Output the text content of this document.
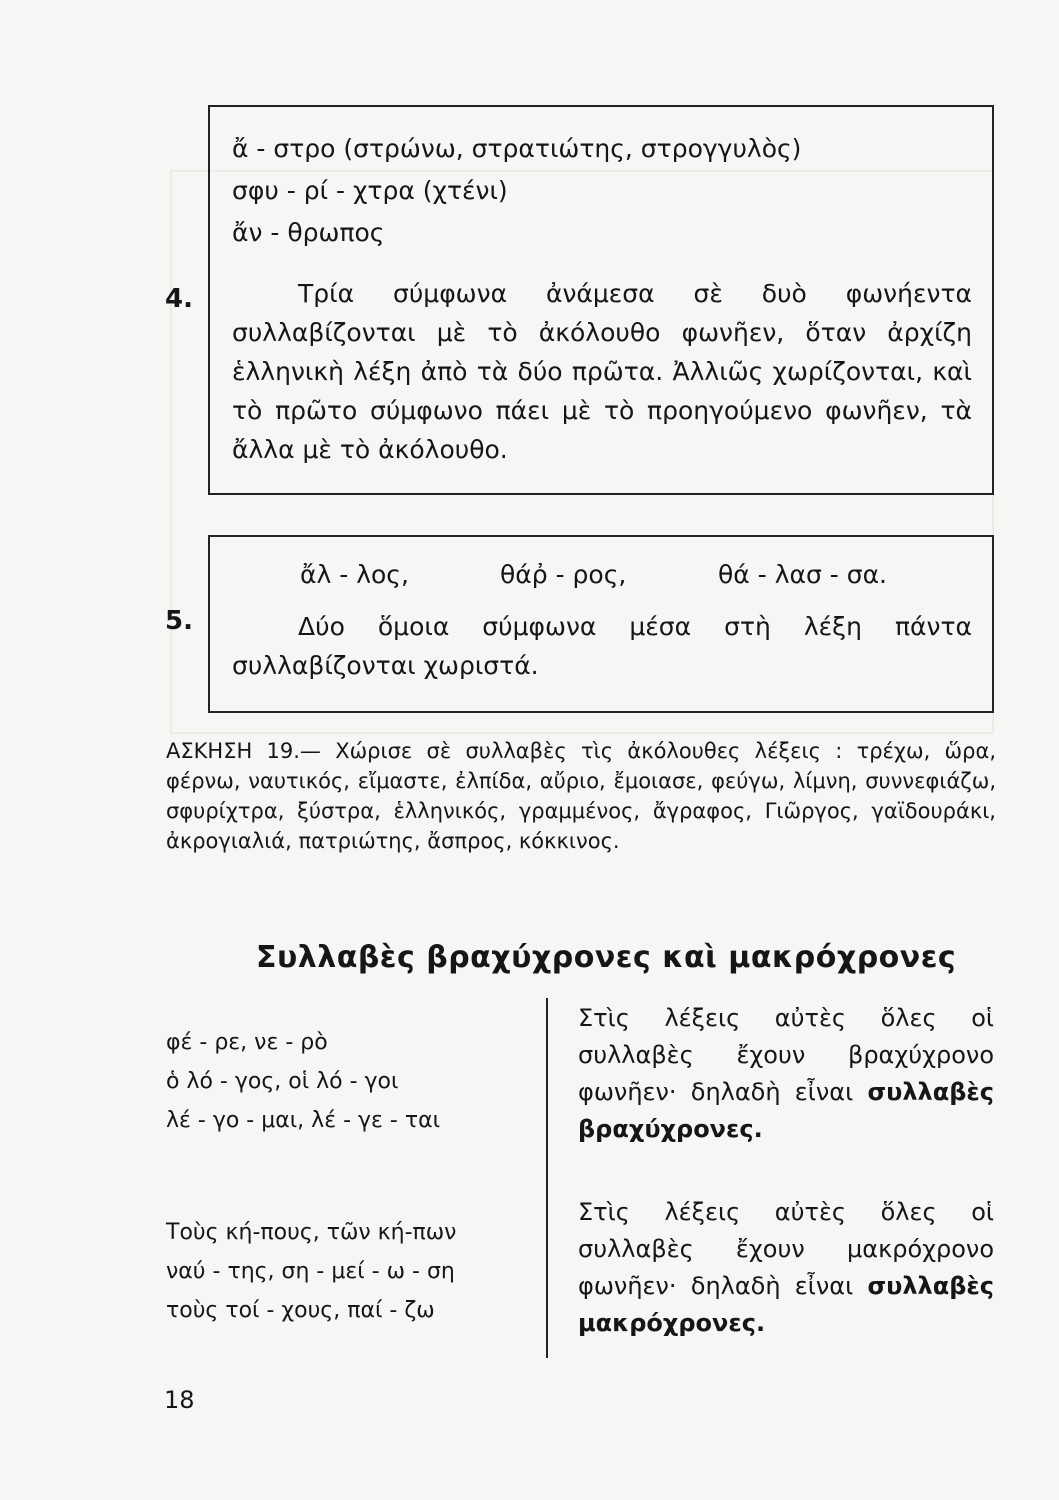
ἄ - στρο (στρώνω, στρατιώτης, στρογγυλὸς)
σφυ - ρί - χτρα (χτένι)
ἄν - θρωπος
4.	Τρία σύμφωνα ἀνάμεσα σὲ δυὸ φωνήεντα συλλαβίζονται μὲ τὸ ἀκόλουθο φωνῆεν, ὅταν ἀρχίζη ἑλληνικὴ λέξη ἀπὸ τὰ δύο πρῶτα. Ἀλλιῶς χωρίζονται, καὶ τὸ πρῶτο σύμφωνο πάει μὲ τὸ προηγούμενο φωνῆεν, τὰ ἄλλα μὲ τὸ ἀκόλουθο.
ἄλ - λος,	θάῤ - ρος,	θά - λασ - σα.
5.	Δύο ὅμοια σύμφωνα μέσα στὴ λέξη πάντα συλλαβίζονται χωριστά.
ΑΣΚΗΣΗ 19.— Χώρισε σὲ συλλαβὲς τὶς ἀκόλουθες λέξεις : τρέχω, ὥρα, φέρνω, ναυτικός, εἴμαστε, ἐλπίδα, αὔριο, ἔμοιασε, φεύγω, λίμνη, συννεφιάζω, σφυρίχτρα, ξύστρα, ἑλληνικός, γραμμένος, ἄγραφος, Γιῶργος, γαϊδουράκι, ἀκρογιαλιά, πατριώτης, ἄσπρος, κόκκινος.
Συλλαβὲς βραχύχρονες καὶ μακρόχρονες
φέ - ρε, νε - ρὸ
ὁ λό - γος, οἱ λό - γοι
λέ - γο - μαι, λέ - γε - ται
Στὶς λέξεις αὐτὲς ὅλες οἱ συλλαβὲς ἔχουν βραχύχρονο φωνῆεν· δηλαδὴ εἶναι συλλαβὲς βραχύχρονες.
Τοὺς κή-πους, τῶν κή-πων
ναύ - της, ση - μεί - ω - ση
τοὺς τοί - χους, παί - ζω
Στὶς λέξεις αὐτὲς ὅλες οἱ συλλαβὲς ἔχουν μακρόχρονο φωνῆεν· δηλαδὴ εἶναι συλλαβὲς μακρόχρονες.
18
